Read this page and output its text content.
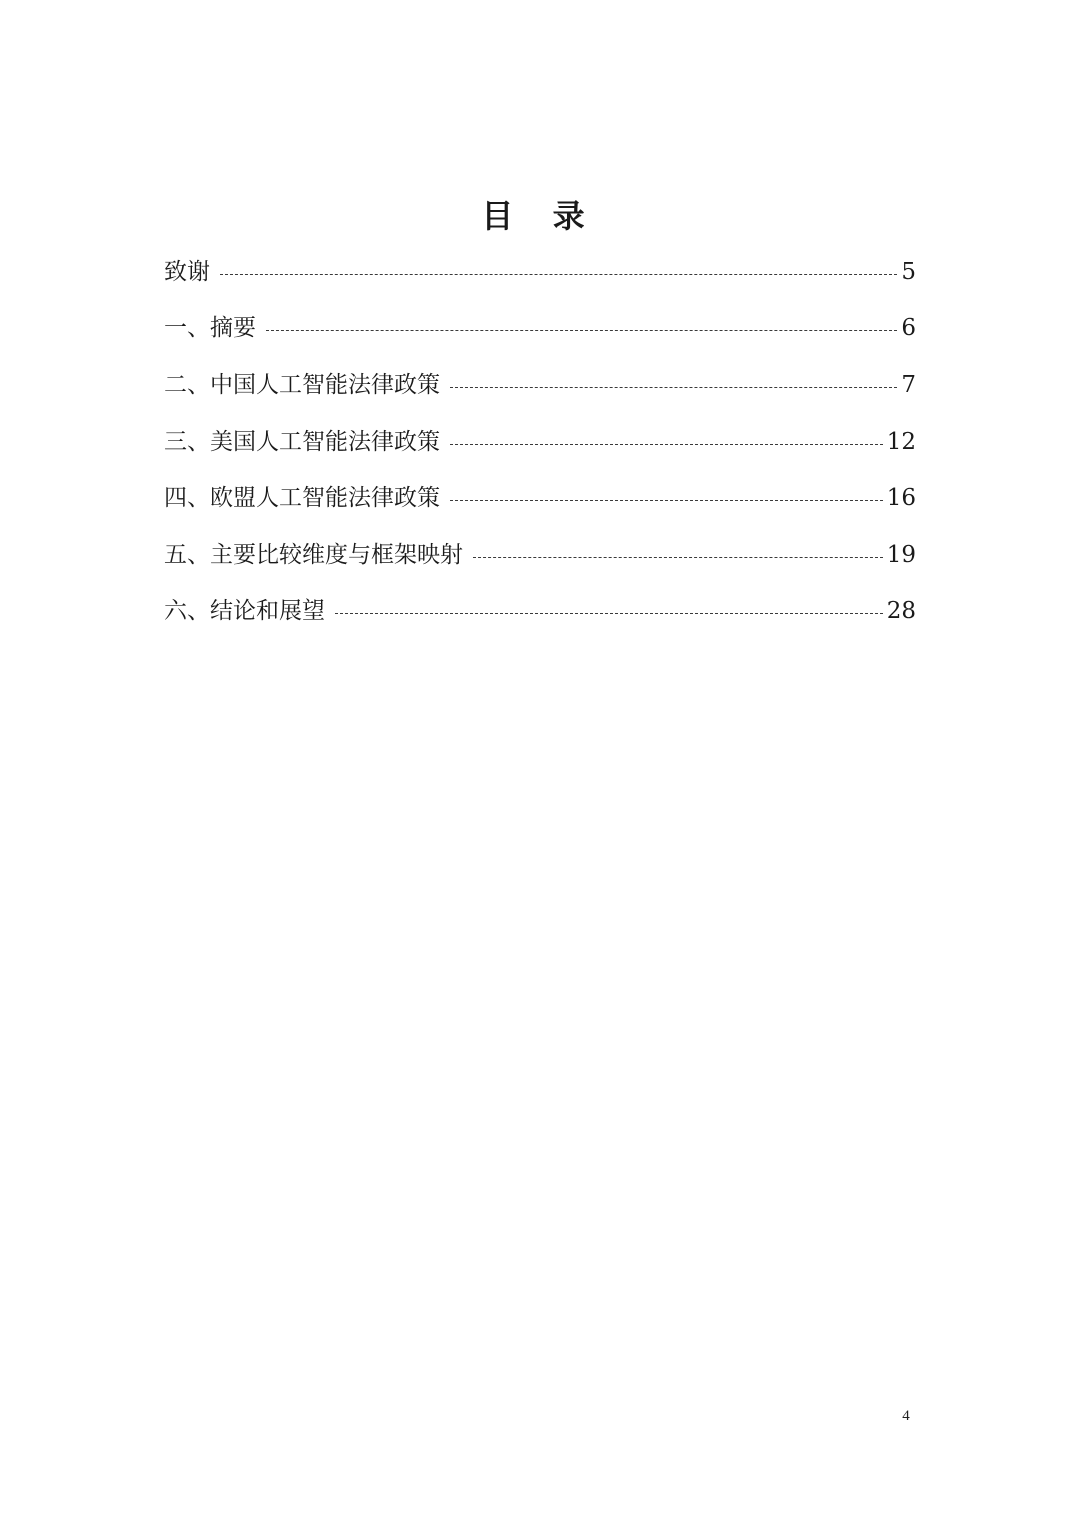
目 录
致谢	5
一、摘要	6
二、中国人工智能法律政策	7
三、美国人工智能法律政策	12
四、欧盟人工智能法律政策	16
五、主要比较维度与框架映射	19
六、结论和展望	28
4
